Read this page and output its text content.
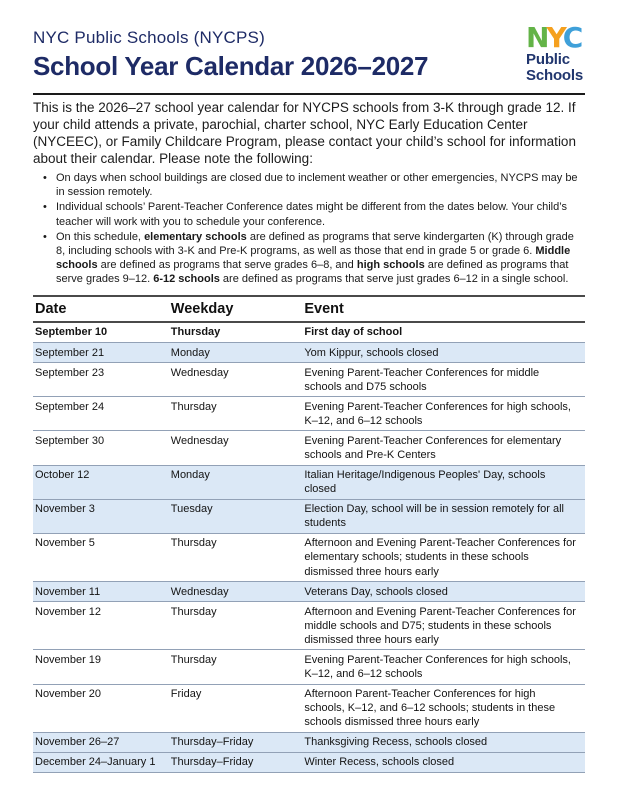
NYC Public Schools (NYCPS)
School Year Calendar 2026–2027
NYC
Public
Schools

This is the 2026–27 school year calendar for NYCPS schools from 3-K through grade 12. If your child attends a private, parochial, charter school, NYC Early Education Center (NYCEEC), or Family Childcare Program, please contact your child’s school for information about their calendar. Please note the following:

• On days when school buildings are closed due to inclement weather or other emergencies, NYCPS may be in session remotely.
• Individual schools’ Parent-Teacher Conference dates might be different from the dates below. Your child’s teacher will work with you to schedule your conference.
• On this schedule, elementary schools are defined as programs that serve kindergarten (K) through grade 8, including schools with 3-K and Pre-K programs, as well as those that end in grade 5 or grade 6. Middle schools are defined as programs that serve grades 6–8, and high schools are defined as programs that serve grades 9–12. 6-12 schools are defined as programs that serve just grades 6–12 in a single school.
Date	Weekday	Event
September 10	Thursday	First day of school
September 21	Monday	Yom Kippur, schools closed
September 23	Wednesday	Evening Parent-Teacher Conferences for middle schools and D75 schools
September 24	Thursday	Evening Parent-Teacher Conferences for high schools, K–12, and 6–12 schools
September 30	Wednesday	Evening Parent-Teacher Conferences for elementary schools and Pre-K Centers
October 12	Monday	Italian Heritage/Indigenous Peoples' Day, schools closed
November 3	Tuesday	Election Day, school will be in session remotely for all students
November 5	Thursday	Afternoon and Evening Parent-Teacher Conferences for elementary schools; students in these schools dismissed three hours early
November 11	Wednesday	Veterans Day, schools closed
November 12	Thursday	Afternoon and Evening Parent-Teacher Conferences for middle schools and D75; students in these schools dismissed three hours early
November 19	Thursday	Evening Parent-Teacher Conferences for high schools, K–12, and 6–12 schools
November 20	Friday	Afternoon Parent-Teacher Conferences for high schools, K–12, and 6–12 schools; students in these schools dismissed three hours early
November 26–27	Thursday–Friday	Thanksgiving Recess, schools closed
December 24–January 1	Thursday–Friday	Winter Recess, schools closed
